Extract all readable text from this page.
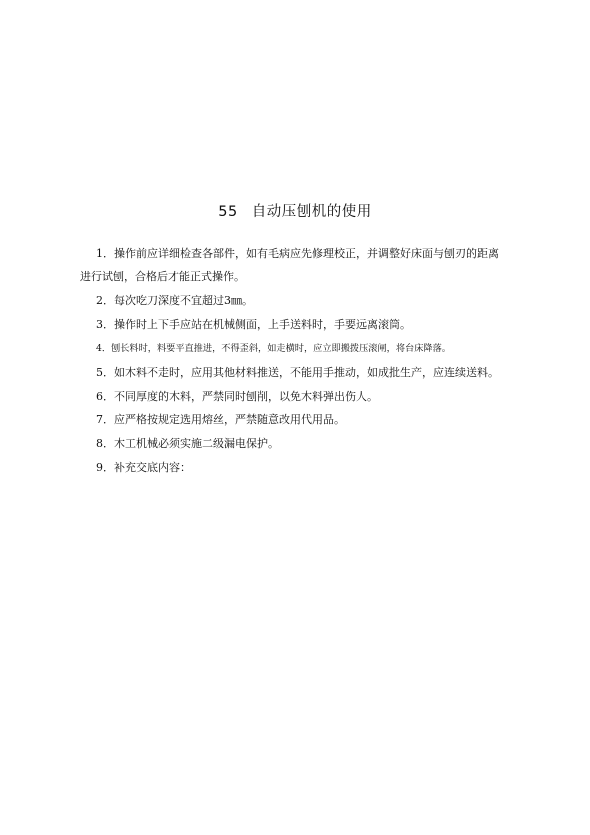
55 自动压刨机的使用
1．操作前应详细检查各部件，如有毛病应先修理校正，并调整好床面与刨刃的距离
进行试刨，合格后才能正式操作。
2．每次吃刀深度不宜超过3㎜。
3．操作时上下手应站在机械侧面，上手送料时，手要远离滚筒。
4．刨长料时，料要平直推进，不得歪斜，如走横时，应立即搬拨压滚闸，将台床降落。
5．如木料不走时，应用其他材料推送，不能用手推动，如成批生产，应连续送料。
6．不同厚度的木料，严禁同时刨削，以免木料弹出伤人。
7．应严格按规定选用熔丝，严禁随意改用代用品。
8．木工机械必须实施二级漏电保护。
9．补充交底内容：
